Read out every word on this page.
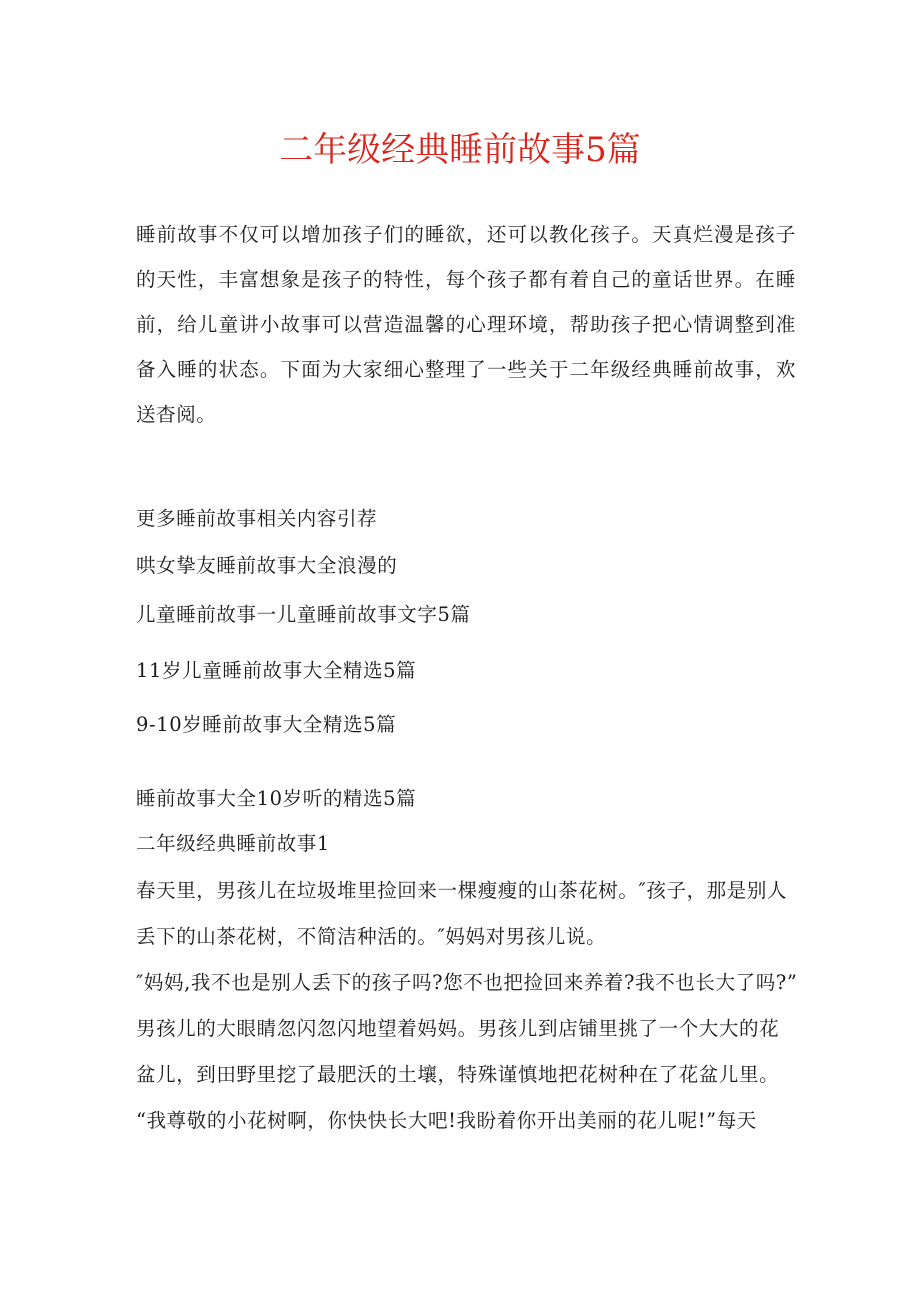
二年级经典睡前故事5篇
睡前故事不仅可以增加孩子们的睡欲，还可以教化孩子。天真烂漫是孩子的天性，丰富想象是孩子的特性，每个孩子都有着自己的童话世界。在睡前，给儿童讲小故事可以营造温馨的心理环境，帮助孩子把心情调整到准备入睡的状态。下面为大家细心整理了一些关于二年级经典睡前故事，欢送杳阅。
更多睡前故事相关内容引荐
哄女挚友睡前故事大全浪漫的
儿童睡前故事一儿童睡前故事文字5篇
11岁儿童睡前故事大全精选5篇
9-10岁睡前故事大全精选5篇
睡前故事大全10岁听的精选5篇
二年级经典睡前故事1
春天里，男孩儿在垃圾堆里捡回来一棵瘦瘦的山茶花树。″孩子，那是别人
丢下的山茶花树，不简洁种活的。″妈妈对男孩儿说。
″妈妈,我不也是别人丢下的孩子吗?您不也把捡回来养着?我不也长大了吗?”
男孩儿的大眼睛忽闪忽闪地望着妈妈。男孩儿到店铺里挑了一个大大的花
盆儿，到田野里挖了最肥沃的土壤，特殊谨慎地把花树种在了花盆儿里。
“我尊敬的小花树啊，你快快长大吧!我盼着你开出美丽的花儿呢!”每天
